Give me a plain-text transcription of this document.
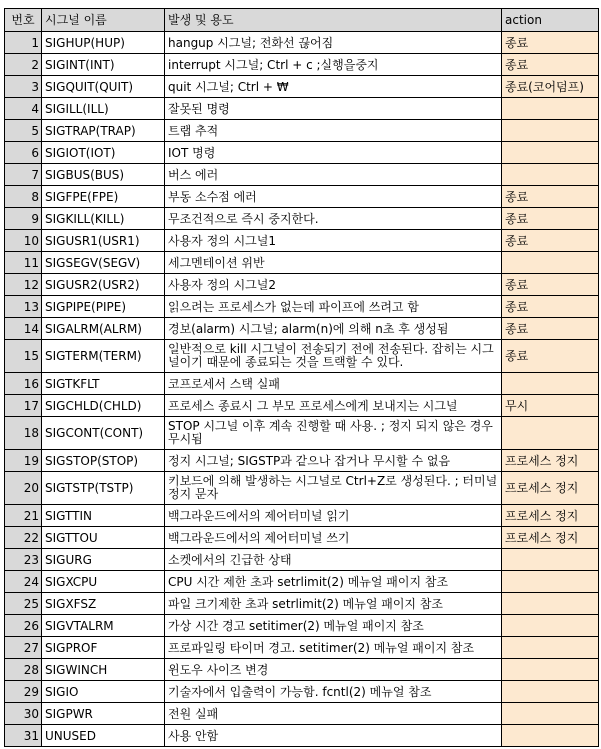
번호	시그널 이름	발생 및 용도	action
1	SIGHUP(HUP)	hangup 시그널; 전화선 끊어짐	종료
2	SIGINT(INT)	interrupt 시그널; Ctrl + c ;실행을중지	종료
3	SIGQUIT(QUIT)	quit 시그널; Ctrl + ₩	종료(코어덤프)
4	SIGILL(ILL)	잘못된 명령	
5	SIGTRAP(TRAP)	트랩 추적	
6	SIGIOT(IOT)	IOT 명령	
7	SIGBUS(BUS)	버스 에러	
8	SIGFPE(FPE)	부동 소수점 에러	종료
9	SIGKILL(KILL)	무조건적으로 즉시 중지한다.	종료
10	SIGUSR1(USR1)	사용자 정의 시그널1	종료
11	SIGSEGV(SEGV)	세그멘테이션 위반	
12	SIGUSR2(USR2)	사용자 정의 시그널2	종료
13	SIGPIPE(PIPE)	읽으려는 프로세스가 없는데 파이프에 쓰려고 함	종료
14	SIGALRM(ALRM)	경보(alarm) 시그널; alarm(n)에 의해 n초 후 생성됨	종료
15	SIGTERM(TERM)	일반적으로 kill 시그널이 전송되기 전에 전송된다. 잡히는 시그널이기 때문에 종료되는 것을 트랙할 수 있다.	종료
16	SIGTKFLT	코프로세서 스택 실패	
17	SIGCHLD(CHLD)	프로세스 종료시 그 부모 프로세스에게 보내지는 시그널	무시
18	SIGCONT(CONT)	STOP 시그널 이후 계속 진행할 때 사용. ; 정지 되지 않은 경우 무시됨	
19	SIGSTOP(STOP)	정지 시그널; SIGSTP과 같으나 잡거나 무시할 수 없음	프로세스 정지
20	SIGTSTP(TSTP)	키보드에 의해 발생하는 시그널로 Ctrl+Z로 생성된다. ; 터미널 정지 문자	프로세스 정지
21	SIGTTIN	백그라운드에서의 제어터미널 읽기	프로세스 정지
22	SIGTTOU	백그라운드에서의 제어터미널 쓰기	프로세스 정지
23	SIGURG	소켓에서의 긴급한 상태	
24	SIGXCPU	CPU 시간 제한 초과 setrlimit(2) 메뉴얼 패이지 참조	
25	SIGXFSZ	파일 크기제한 초과 setrlimit(2) 메뉴얼 패이지 참조	
26	SIGVTALRM	가상 시간 경고 setitimer(2) 메뉴얼 패이지 참조	
27	SIGPROF	프로파일링 타이머 경고. setitimer(2) 메뉴얼 패이지 참조	
28	SIGWINCH	윈도우 사이즈 변경	
29	SIGIO	기술자에서 입출력이 가능함. fcntl(2) 메뉴얼 참조	
30	SIGPWR	전원 실패	
31	UNUSED	사용 안함	
